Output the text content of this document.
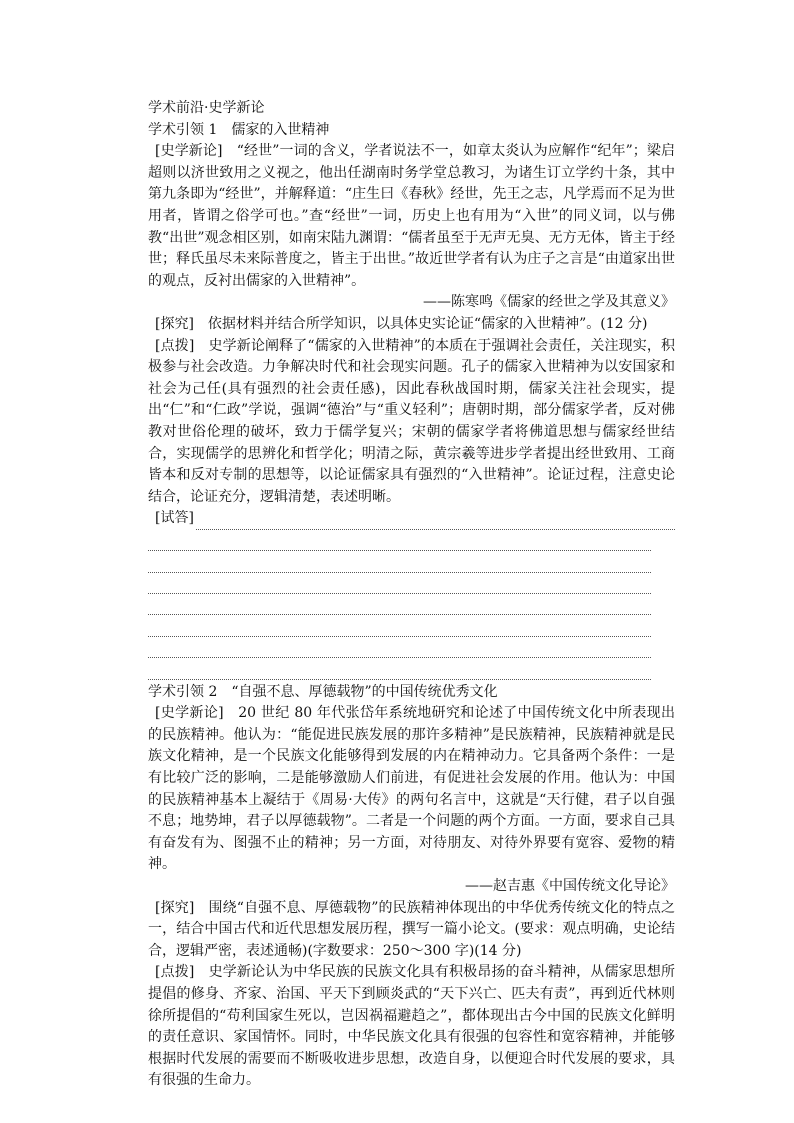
学术前沿·史学新论

学术引领 1　儒家的入世精神

[史学新论]　“经世”一词的含义，学者说法不一，如章太炎认为应解作“纪年”；梁启超则以济世致用之义视之，他出任湖南时务学堂总教习，为诸生订立学约十条，其中第九条即为“经世”，并解释道：“庄生曰《春秋》经世，先王之志，凡学焉而不足为世用者，皆谓之俗学可也。”查“经世”一词，历史上也有用为“入世”的同义词，以与佛教“出世”观念相区别，如南宋陆九渊谓：“儒者虽至于无声无臭、无方无体，皆主于经世；释氏虽尽未来际普度之，皆主于出世。”故近世学者有认为庄子之言是“由道家出世的观点，反衬出儒家的入世精神”。

——陈寒鸣《儒家的经世之学及其意义》

[探究]　依据材料并结合所学知识，以具体史实论证“儒家的入世精神”。(12 分)

[点拨]　史学新论阐释了“儒家的入世精神”的本质在于强调社会责任，关注现实，积极参与社会改造。力争解决时代和社会现实问题。孔子的儒家入世精神为以安国家和社会为己任(具有强烈的社会责任感)，因此春秋战国时期，儒家关注社会现实，提出“仁”和“仁政”学说，强调“德治”与“重义轻利”；唐朝时期，部分儒家学者，反对佛教对世俗伦理的破坏，致力于儒学复兴；宋朝的儒家学者将佛道思想与儒家经世结合，实现儒学的思辨化和哲学化；明清之际，黄宗羲等进步学者提出经世致用、工商皆本和反对专制的思想等，以论证儒家具有强烈的“入世精神”。论证过程，注意史论结合，论证充分，逻辑清楚，表述明晰。

[试答]

学术引领 2　“自强不息、厚德载物”的中国传统优秀文化

[史学新论]　20 世纪 80 年代张岱年系统地研究和论述了中国传统文化中所表现出的民族精神。他认为：“能促进民族发展的那许多精神”是民族精神，民族精神就是民族文化精神，是一个民族文化能够得到发展的内在精神动力。它具备两个条件：一是有比较广泛的影响，二是能够激励人们前进，有促进社会发展的作用。他认为：中国的民族精神基本上凝结于《周易·大传》的两句名言中，这就是“天行健，君子以自强不息；地势坤，君子以厚德载物”。二者是一个问题的两个方面。一方面，要求自己具有奋发有为、图强不止的精神；另一方面，对待朋友、对待外界要有宽容、爱物的精神。

——赵吉惠《中国传统文化导论》

[探究]　围绕“自强不息、厚德载物”的民族精神体现出的中华优秀传统文化的特点之一，结合中国古代和近代思想发展历程，撰写一篇小论文。(要求：观点明确，史论结合，逻辑严密，表述通畅)(字数要求：250～300 字)(14 分)

[点拨]　史学新论认为中华民族的民族文化具有积极昂扬的奋斗精神，从儒家思想所提倡的修身、齐家、治国、平天下到顾炎武的“天下兴亡、匹夫有责”，再到近代林则徐所提倡的“苟利国家生死以，岂因祸福避趋之”，都体现出古今中国的民族文化鲜明的责任意识、家国情怀。同时，中华民族文化具有很强的包容性和宽容精神，并能够根据时代发展的需要而不断吸收进步思想，改造自身，以便迎合时代发展的要求，具有很强的生命力。
